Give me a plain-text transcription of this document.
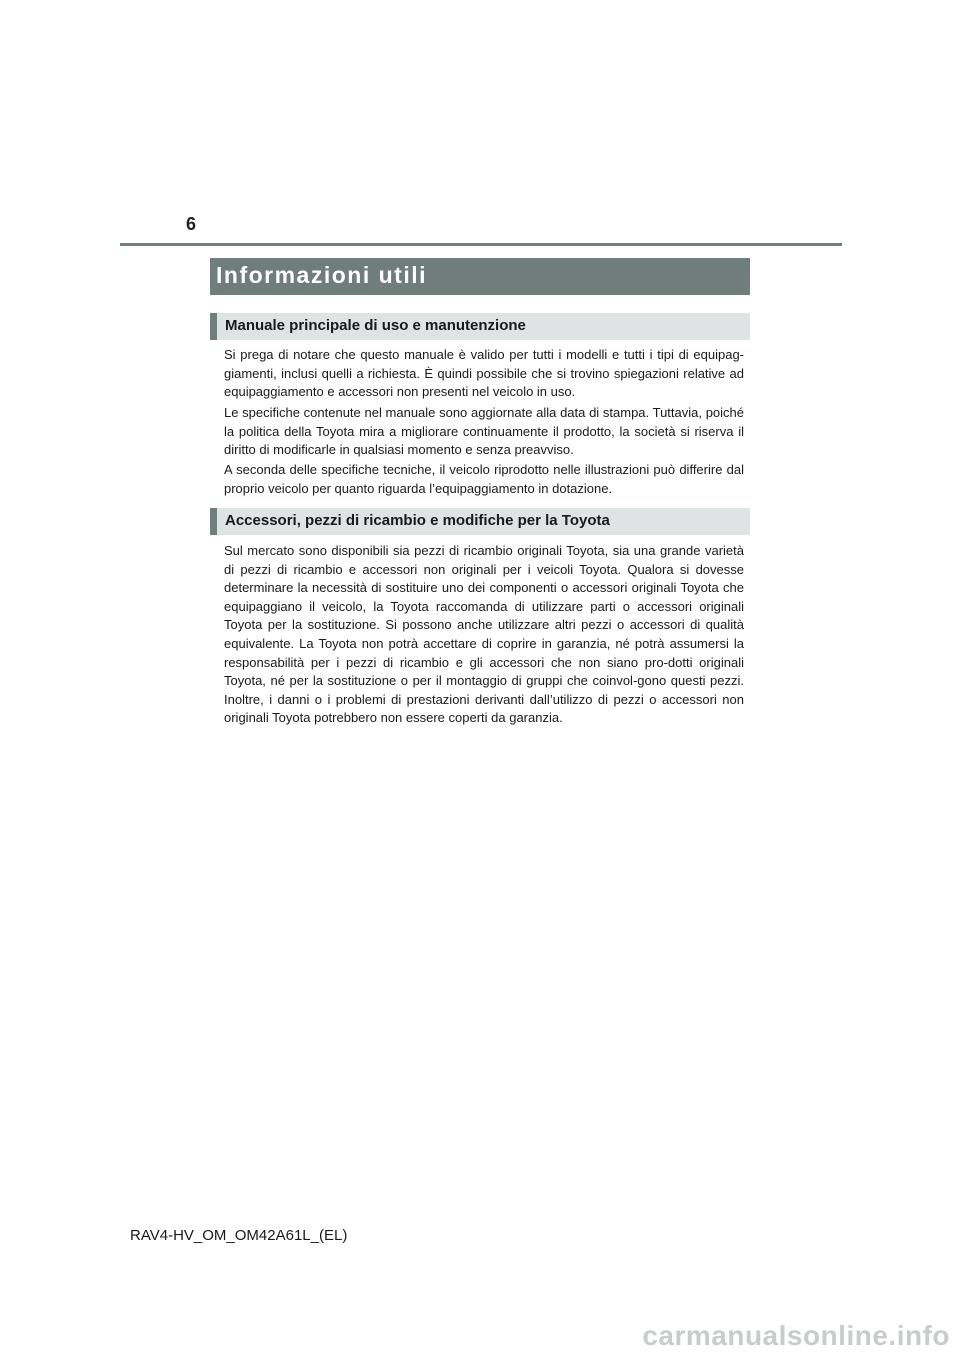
6
Informazioni utili
Manuale principale di uso e manutenzione

Si prega di notare che questo manuale è valido per tutti i modelli e tutti i tipi di equipag-giamenti, inclusi quelli a richiesta. È quindi possibile che si trovino spiegazioni relative ad equipaggiamento e accessori non presenti nel veicolo in uso.

Le specifiche contenute nel manuale sono aggiornate alla data di stampa. Tuttavia, poiché la politica della Toyota mira a migliorare continuamente il prodotto, la società si riserva il diritto di modificarle in qualsiasi momento e senza preavviso.

A seconda delle specifiche tecniche, il veicolo riprodotto nelle illustrazioni può differire dal proprio veicolo per quanto riguarda l’equipaggiamento in dotazione.

Accessori, pezzi di ricambio e modifiche per la Toyota

Sul mercato sono disponibili sia pezzi di ricambio originali Toyota, sia una grande varietà di pezzi di ricambio e accessori non originali per i veicoli Toyota. Qualora si dovesse determinare la necessità di sostituire uno dei componenti o accessori originali Toyota che equipaggiano il veicolo, la Toyota raccomanda di utilizzare parti o accessori originali Toyota per la sostituzione. Si possono anche utilizzare altri pezzi o accessori di qualità equivalente. La Toyota non potrà accettare di coprire in garanzia, né potrà assumersi la responsabilità per i pezzi di ricambio e gli accessori che non siano pro-dotti originali Toyota, né per la sostituzione o per il montaggio di gruppi che coinvol-gono questi pezzi. Inoltre, i danni o i problemi di prestazioni derivanti dall’utilizzo di pezzi o accessori non originali Toyota potrebbero non essere coperti da garanzia.

RAV4-HV_OM_OM42A61L_(EL)
carmanualsonline.info
